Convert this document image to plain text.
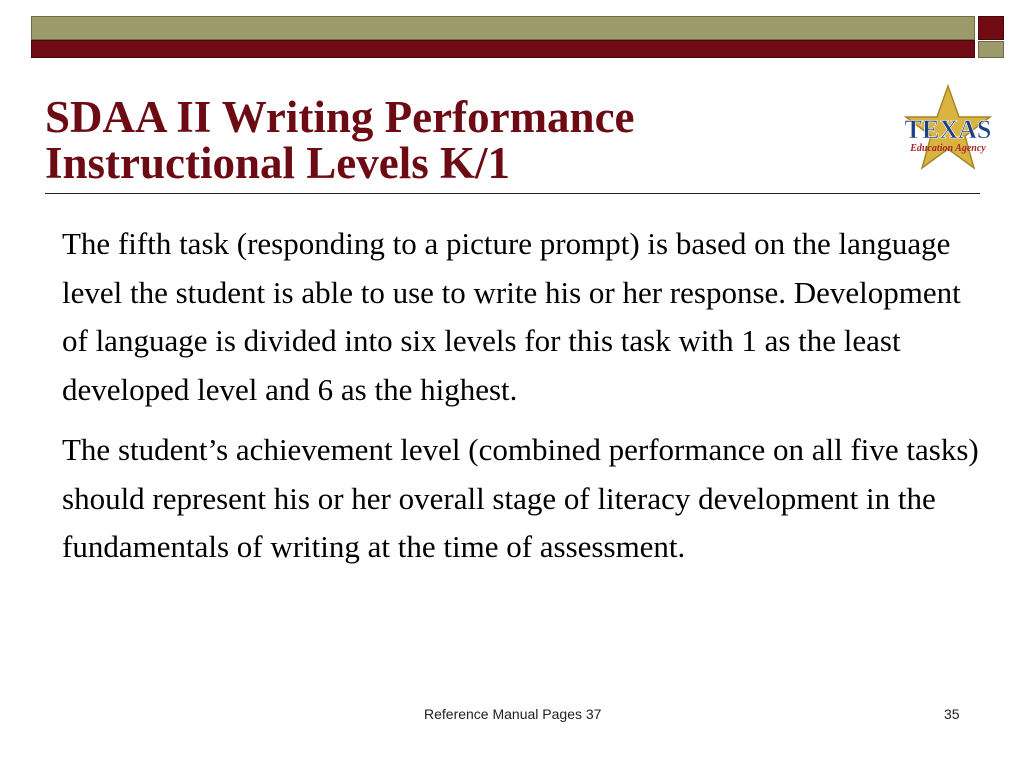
SDAA II Writing Performance
Instructional Levels K/1
TEXAS
Education Agency

The fifth task (responding to a picture prompt) is based on the language level the student is able to use to write his or her response. Development of language is divided into six levels for this task with 1 as the least developed level and 6 as the highest.

The student’s achievement level (combined performance on all five tasks) should represent his or her overall stage of literacy development in the fundamentals of writing at the time of assessment.

Reference Manual Pages 37	35
